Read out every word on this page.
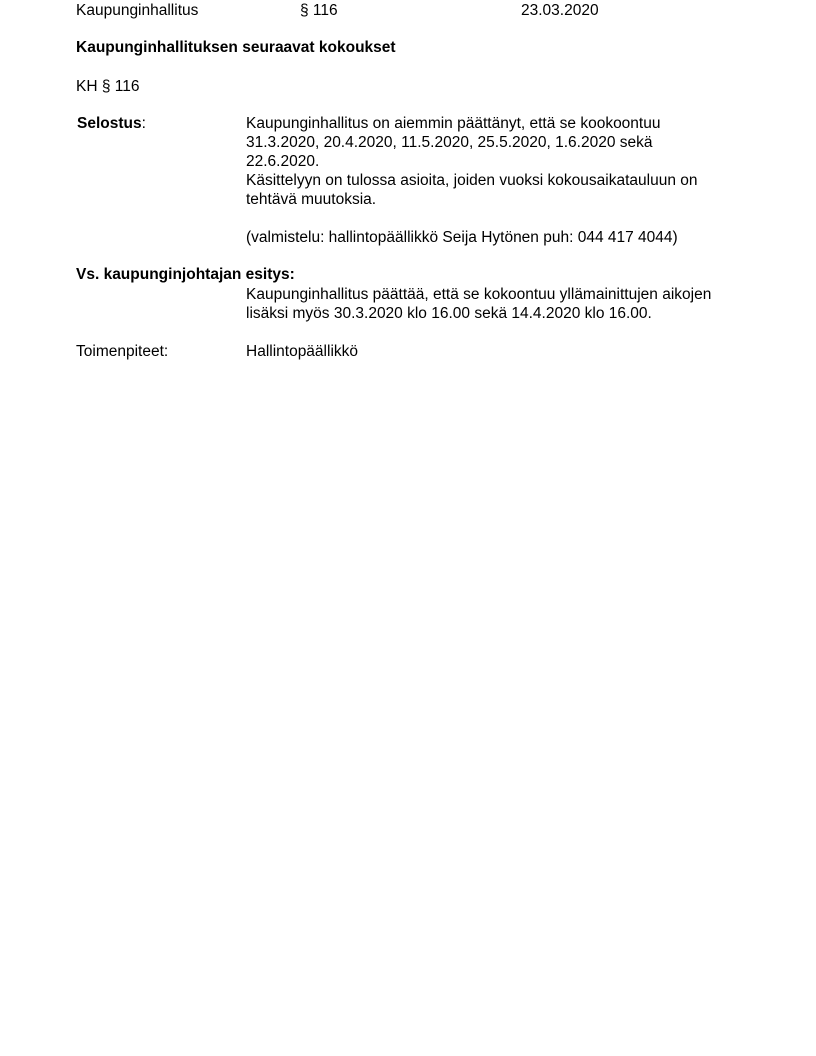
Kaupunginhallitus	§ 116	23.03.2020
Kaupunginhallituksen seuraavat kokoukset
KH § 116
Selostus:	Kaupunginhallitus on aiemmin päättänyt, että se kookoontuu

31.3.2020, 20.4.2020, 11.5.2020, 25.5.2020, 1.6.2020 sekä

22.6.2020.

Käsittelyyn on tulossa asioita, joiden vuoksi kokousaikatauluun on

tehtävä muutoksia.

(valmistelu: hallintopäällikkö Seija Hytönen puh: 044 417 4044)
Vs. kaupunginjohtajan esitys:

Kaupunginhallitus päättää, että se kokoontuu yllämainittujen aikojen

lisäksi myös 30.3.2020 klo 16.00 sekä 14.4.2020 klo 16.00.

Toimenpiteet:	Hallintopäällikkö
